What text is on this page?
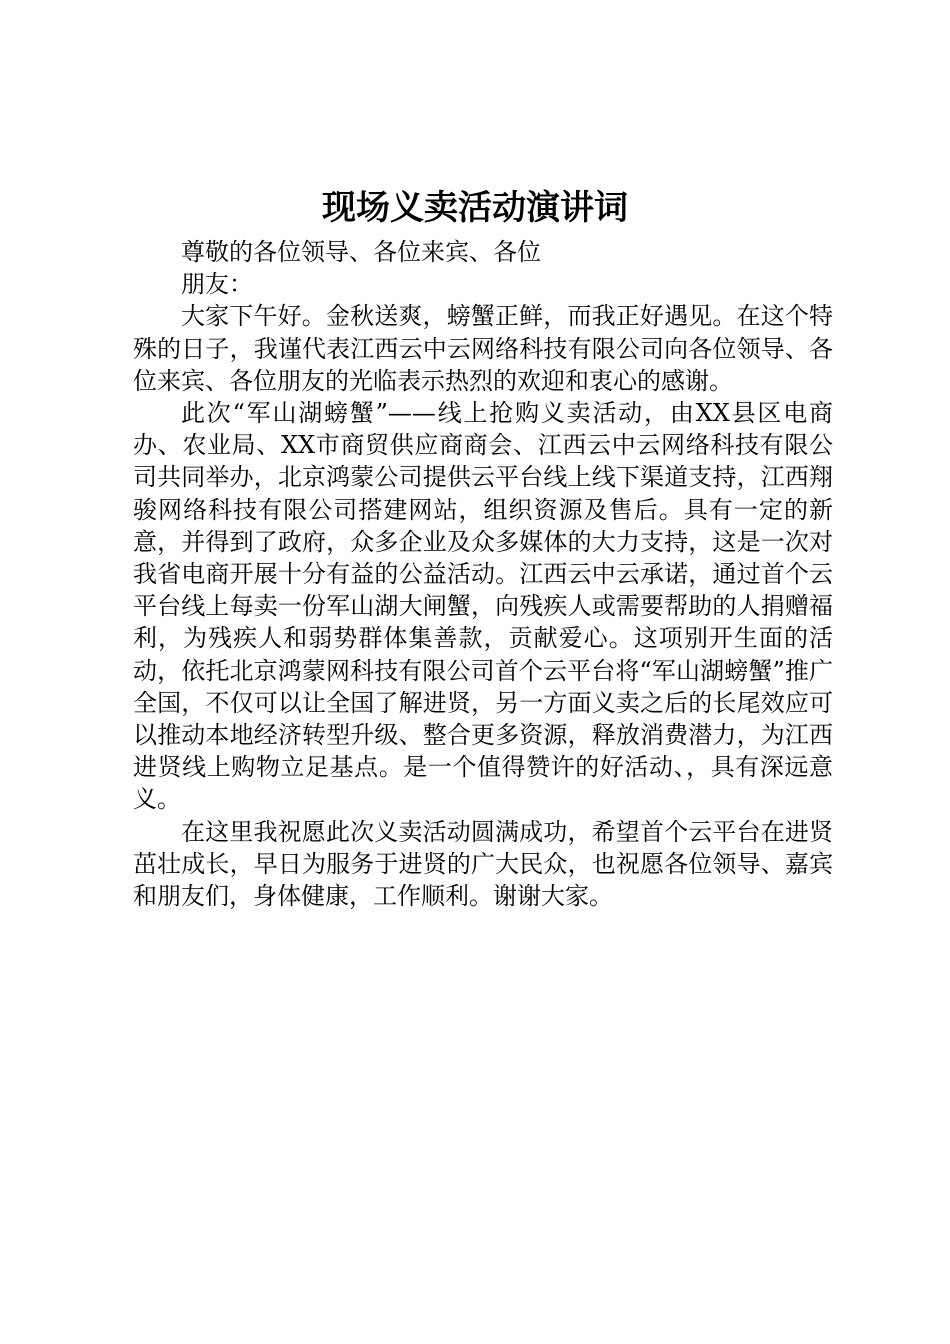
现场义卖活动演讲词

尊敬的各位领导、各位来宾、各位

朋友：

大家下午好。金秋送爽，螃蟹正鲜，而我正好遇见。在这个特殊的日子，我谨代表江西云中云网络科技有限公司向各位领导、各位来宾、各位朋友的光临表示热烈的欢迎和衷心的感谢。

此次“军山湖螃蟹”——线上抢购义卖活动，由XX县区电商办、农业局、XX市商贸供应商商会、江西云中云网络科技有限公司共同举办，北京鸿蒙公司提供云平台线上线下渠道支持，江西翔骏网络科技有限公司搭建网站，组织资源及售后。具有一定的新意，并得到了政府，众多企业及众多媒体的大力支持，这是一次对我省电商开展十分有益的公益活动。江西云中云承诺，通过首个云平台线上每卖一份军山湖大闸蟹，向残疾人或需要帮助的人捐赠福利，为残疾人和弱势群体集善款，贡献爱心。这项别开生面的活动，依托北京鸿蒙网科技有限公司首个云平台将“军山湖螃蟹”推广全国，不仅可以让全国了解进贤，另一方面义卖之后的长尾效应可以推动本地经济转型升级、整合更多资源，释放消费潜力，为江西进贤线上购物立足基点。是一个值得赞许的好活动、，具有深远意义。

在这里我祝愿此次义卖活动圆满成功，希望首个云平台在进贤茁壮成长，早日为服务于进贤的广大民众，也祝愿各位领导、嘉宾和朋友们，身体健康，工作顺利。谢谢大家。
